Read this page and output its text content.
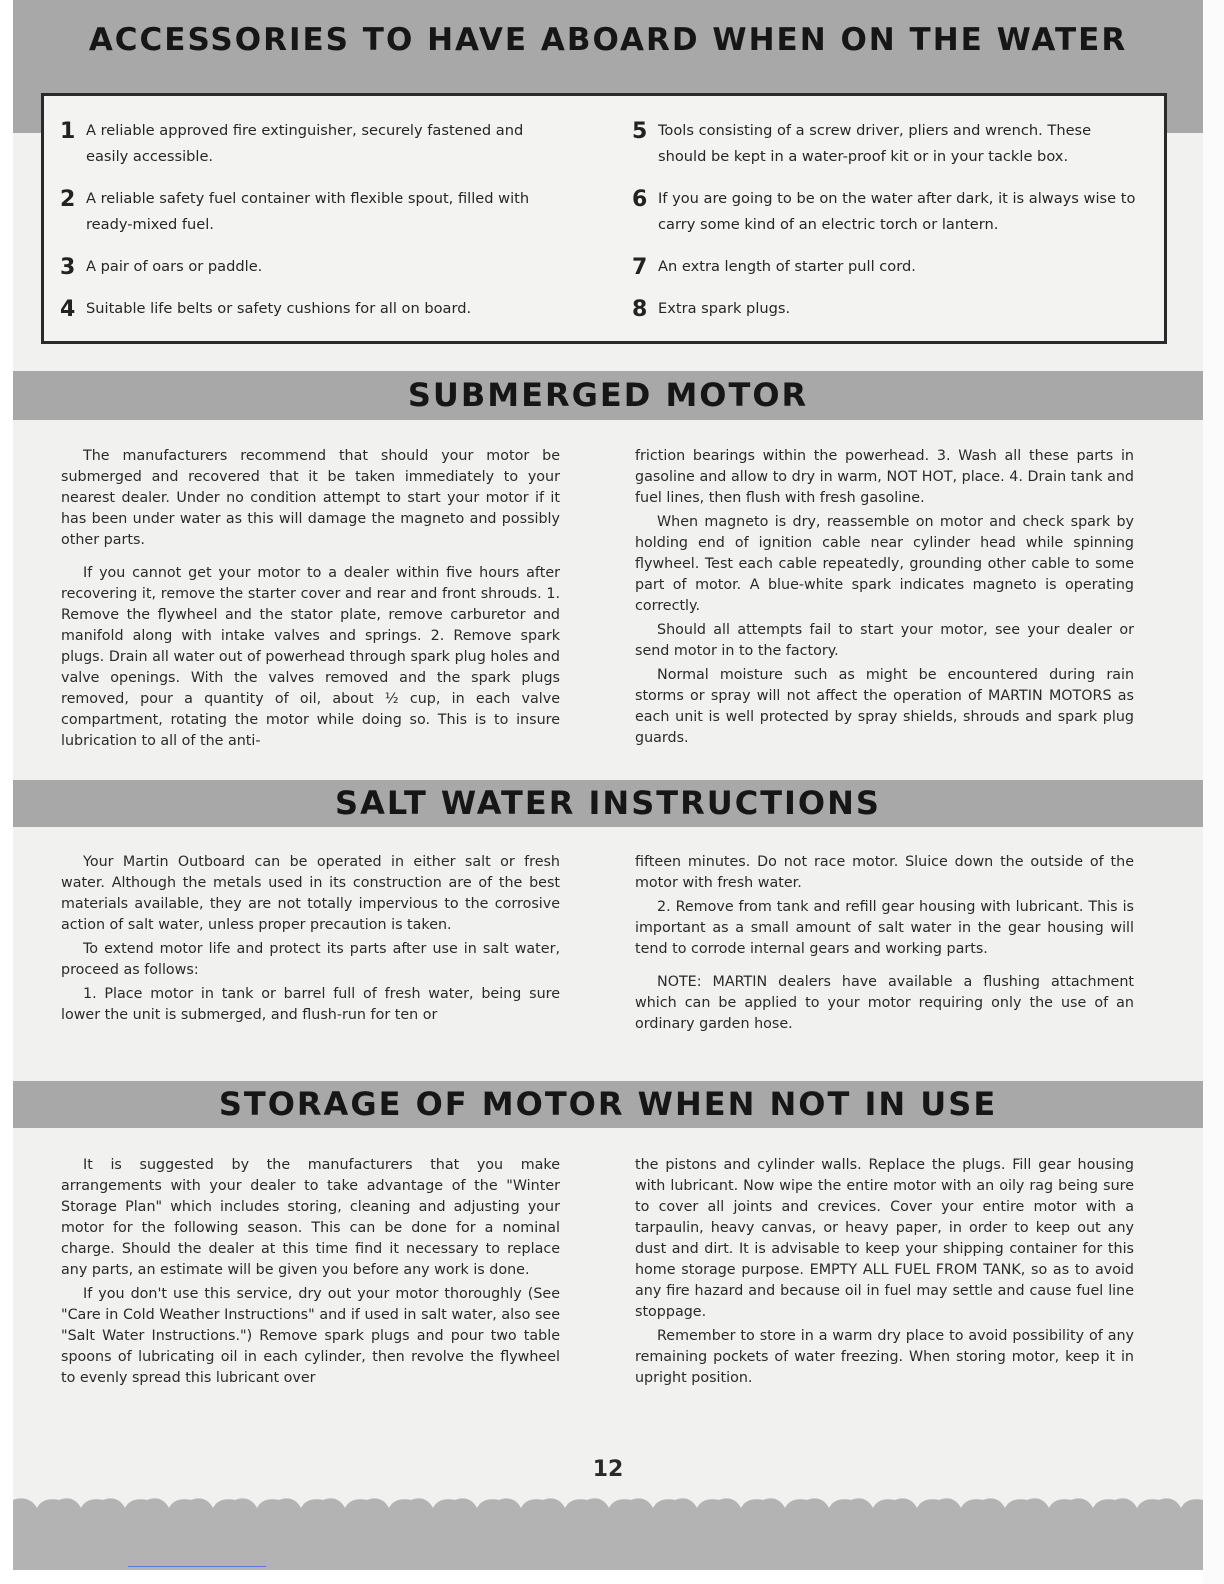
ACCESSORIES TO HAVE ABOARD WHEN ON THE WATER
1 A reliable approved fire extinguisher, securely fastened and easily accessible.
2 A reliable safety fuel container with flexible spout, filled with ready-mixed fuel.
3 A pair of oars or paddle.
4 Suitable life belts or safety cushions for all on board.
5 Tools consisting of a screw driver, pliers and wrench. These should be kept in a water-proof kit or in your tackle box.
6 If you are going to be on the water after dark, it is always wise to carry some kind of an electric torch or lantern.
7 An extra length of starter pull cord.
8 Extra spark plugs.
SUBMERGED MOTOR

The manufacturers recommend that should your motor be submerged and recovered that it be taken immediately to your nearest dealer. Under no condition attempt to start your motor if it has been under water as this will damage the magneto and possibly other parts.

If you cannot get your motor to a dealer within five hours after recovering it, remove the starter cover and rear and front shrouds. 1. Remove the flywheel and the stator plate, remove carburetor and manifold along with intake valves and springs. 2. Remove spark plugs. Drain all water out of powerhead through spark plug holes and valve openings. With the valves removed and the spark plugs removed, pour a quantity of oil, about ½ cup, in each valve compartment, rotating the motor while doing so. This is to insure lubrication to all of the anti-

friction bearings within the powerhead. 3. Wash all these parts in gasoline and allow to dry in warm, NOT HOT, place. 4. Drain tank and fuel lines, then flush with fresh gasoline.

When magneto is dry, reassemble on motor and check spark by holding end of ignition cable near cylinder head while spinning flywheel. Test each cable repeatedly, grounding other cable to some part of motor. A blue-white spark indicates magneto is operating correctly.

Should all attempts fail to start your motor, see your dealer or send motor in to the factory.

Normal moisture such as might be encountered during rain storms or spray will not affect the operation of MARTIN MOTORS as each unit is well protected by spray shields, shrouds and spark plug guards.

SALT WATER INSTRUCTIONS

Your Martin Outboard can be operated in either salt or fresh water. Although the metals used in its construction are of the best materials available, they are not totally impervious to the corrosive action of salt water, unless proper precaution is taken.

To extend motor life and protect its parts after use in salt water, proceed as follows:

1. Place motor in tank or barrel full of fresh water, being sure lower the unit is submerged, and flush-run for ten or

fifteen minutes. Do not race motor. Sluice down the outside of the motor with fresh water.

2. Remove from tank and refill gear housing with lubricant. This is important as a small amount of salt water in the gear housing will tend to corrode internal gears and working parts.

NOTE: MARTIN dealers have available a flushing attachment which can be applied to your motor requiring only the use of an ordinary garden hose.

STORAGE OF MOTOR WHEN NOT IN USE

It is suggested by the manufacturers that you make arrangements with your dealer to take advantage of the "Winter Storage Plan" which includes storing, cleaning and adjusting your motor for the following season. This can be done for a nominal charge. Should the dealer at this time find it necessary to replace any parts, an estimate will be given you before any work is done.

If you don't use this service, dry out your motor thoroughly (See "Care in Cold Weather Instructions" and if used in salt water, also see "Salt Water Instructions.") Remove spark plugs and pour two table spoons of lubricating oil in each cylinder, then revolve the flywheel to evenly spread this lubricant over

the pistons and cylinder walls. Replace the plugs. Fill gear housing with lubricant. Now wipe the entire motor with an oily rag being sure to cover all joints and crevices. Cover your entire motor with a tarpaulin, heavy canvas, or heavy paper, in order to keep out any dust and dirt. It is advisable to keep your shipping container for this home storage purpose. EMPTY ALL FUEL FROM TANK, so as to avoid any fire hazard and because oil in fuel may settle and cause fuel line stoppage.

Remember to store in a warm dry place to avoid possibility of any remaining pockets of water freezing. When storing motor, keep it in upright position.

12
